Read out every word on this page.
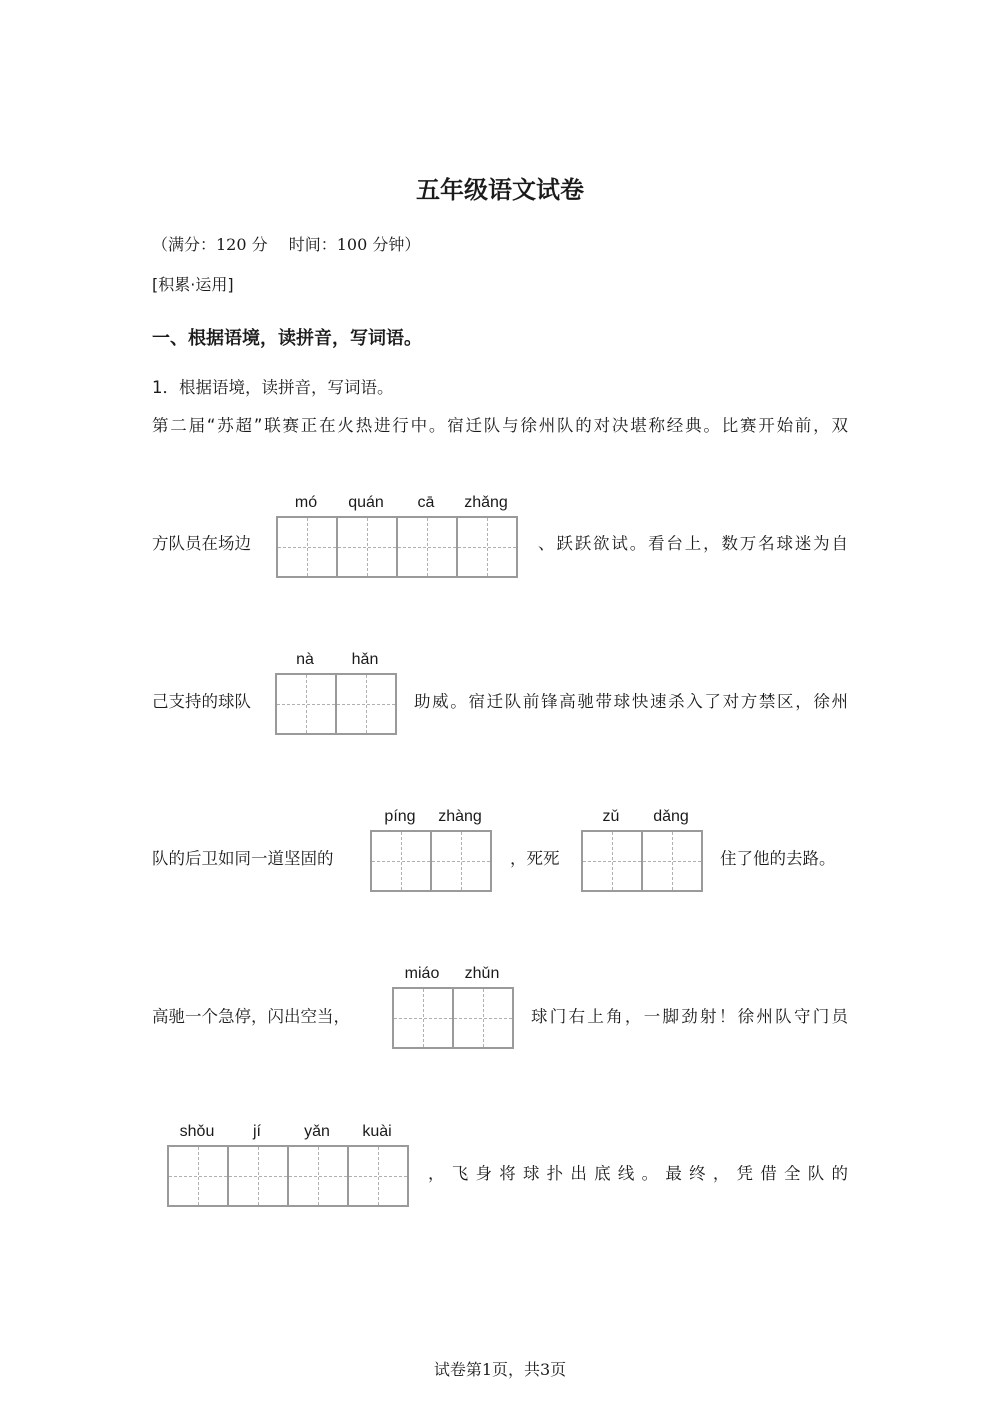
五年级语文试卷
（满分：120 分　 时间：100 分钟）
[积累·运用]
一、根据语境，读拼音，写词语。
1．根据语境，读拼音，写词语。
第二届“苏超”联赛正在火热进行中。宿迁队与徐州队的对决堪称经典。比赛开始前，双
方队员在场边
mó	quán	cā	zhǎng
、跃跃欲试。看台上，数万名球迷为自
己支持的球队
nà	hǎn
助威。宿迁队前锋高驰带球快速杀入了对方禁区，徐州
队的后卫如同一道坚固的
píng	zhàng
，死死
zǔ	dǎng
住了他的去路。
高驰一个急停，闪出空当，
miáo	zhǔn
球门右上角，一脚劲射！徐州队守门员
shǒu	jí	yǎn	kuài
，飞身将球扑出底线。最终，凭借全队的
试卷第1页，共3页
